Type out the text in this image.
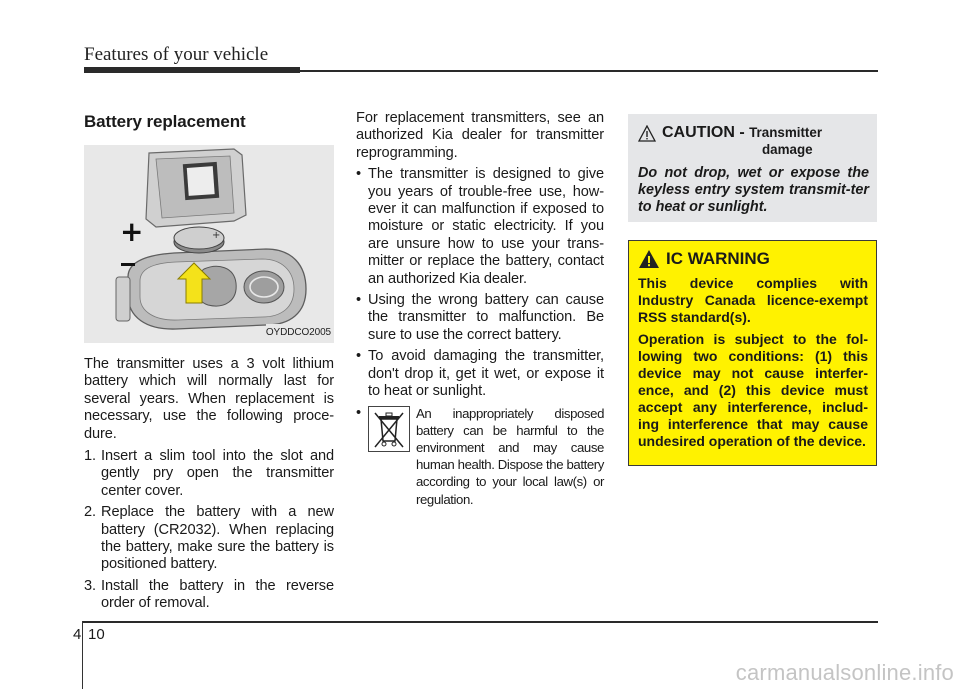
Features of your vehicle
Battery replacement
+
+
OYDDCO2005

The transmitter uses a 3 volt lithium battery which will normally last for several years. When replacement is necessary, use the following proce-dure.

1. Insert a slim tool into the slot and gently pry open the transmitter center cover.
2. Replace the battery with a new battery (CR2032). When replacing the battery, make sure the battery is positioned battery.
3. Install the battery in the reverse order of removal.

For replacement transmitters, see an authorized Kia dealer for transmitter reprogramming.

• The transmitter is designed to give you years of trouble-free use, how-ever it can malfunction if exposed to moisture or static electricity. If you are unsure how to use your trans-mitter or replace the battery, contact an authorized Kia dealer.
• Using the wrong battery can cause the transmitter to malfunction. Be sure to use the correct battery.
• To avoid damaging the transmitter, don't drop it, get it wet, or expose it to heat or sunlight.
•	An inappropriately disposed battery can be harmful to the environment and may cause human health. Dispose the battery according to your local law(s) or regulation.
CAUTION - Transmitter
damage
Do not drop, wet or expose the keyless entry system transmit-ter to heat or sunlight.
IC WARNING

This device complies with Industry Canada licence-exempt RSS standard(s).

Operation is subject to the fol-lowing two conditions: (1) this device may not cause interfer-ence, and (2) this device must accept any interference, includ-ing interference that may cause undesired operation of the device.

4 10
carmanualsonline.info
